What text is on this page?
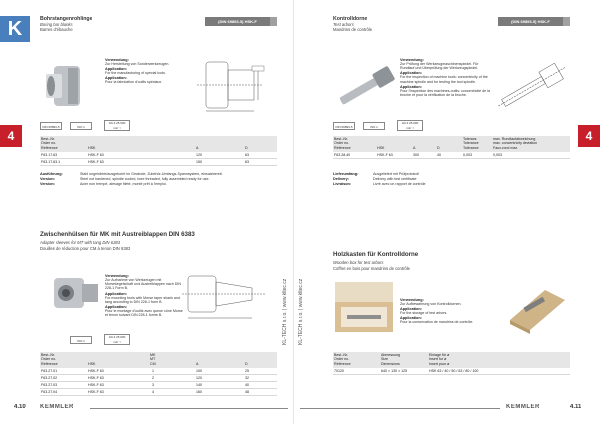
K
4
Bohrstangenrohlinge
Boring bar blanks
Barres d'ébauche
(DIN 69893-5) HSK-F
Verwendung:
Zur Herstellung von Sonderwerkzeugen.
Application:
For the manufacturing of special tools.
Application:
Pour la fabrication d'outils spéciaux.
DIN 69893-5	ISO 1
G6.3 25.000 min⁻¹
Best.-Nr.
Order no.
Référence	HSK	A	D
F63.17.63	HSK-F 63	120	63
F63.17.63.1	HSK-F 63	150	63
Ausführung:	Stahl ungehärtet/ausgebohrt im Gewinde, Zubehör-Umfangs-Spannsystem, einsatzbereit.
Version:	Steel not hardened, spindle cooled, bore threaded, fully assembled ready for use.
Version:	Acier non trempé, alésage fileté, monté prêt à l'emploi.
Zwischenhülsen für MK mit Austreiblappen DIN 6383
Adapter sleeves for MT with tang DIN 6383
Douilles de réduction pour CM à tenon DIN 6383
Verwendung:
Zur Aufnahme von Werkzeugen mit Morsekegelschaft und Austreiblappen nach DIN 228-1 Form B.
Application:
For mounting tools with Morse taper shank and tang according to DIN 228-1 form B.
Application:
Pour le montage d'outils avec queue cône Morse et tenon suivant DIN 228-1 forme B.
ISO 1
G6.3 25.000 min⁻¹
Best.-Nr.
Order no.
Référence	HSK
MK
MT
CM	A	D
F63.27.01	HSK-F 63	1	100	25
F63.27.02	HSK-F 63	2	120	32
F63.27.03	HSK-F 63	3	140	40
F63.27.04	HSK-F 63	4	160	48
4.10 KEMMLER
KL-TECH s.r.o. | www.kltec.cz KL-TECH s.r.o. | www.kltec.cz
4
Kontrolldorne
Test arbors
Mandrins de contrôle
(DIN 69893-5) HSK-F
Verwendung:
Zur Prüfung der Werkzeugmaschinenspindel. Für Rundlauf und Überprüfung der Werkzeugspindel.
Application:
For the inspection of machine tools: concentricity of the machine spindle and for testing the tool spindle.
Application:
Pour l'inspection des machines-outils: concentricité de la broche et pour la vérification de la broche.
DIN 69893-5	ISO 1
G6.3 25.000 min⁻¹
Best.-Nr.
Order no.
Référence	HSK	A	D
Toleranz
Tolerance
Tolérance
max. Rundlaufabweichung
max. concentricity deviation
Faux-rond max.
F63.28.40	HSK-F 63	300	40	0,003	0,003
Lieferumfang:	Ausgeliefert mit Prüfprotokoll
Delivery:	Delivery with test certificate
Livraison:	Livré avec un rapport de contrôle
Holzkasten für Kontrolldorne
Wooden box for test arbors
Coffret en bois pour mandrins de contrôle
Verwendung:
Zur Aufbewahrung von Kontrolldornen.
Application:
For the storage of test arbors.
Application:
Pour la conservation de mandrins de contrôle.
Best.-Nr.
Order no.
Référence
Abmessung
Size
Dimensions
Einlage für ø
Insert for ø
Insert pour ø
70120	640 × 130 × 125	HSK 63 / 40 / 50 / 63 / 80 / 100
KEMMLER	4.11
